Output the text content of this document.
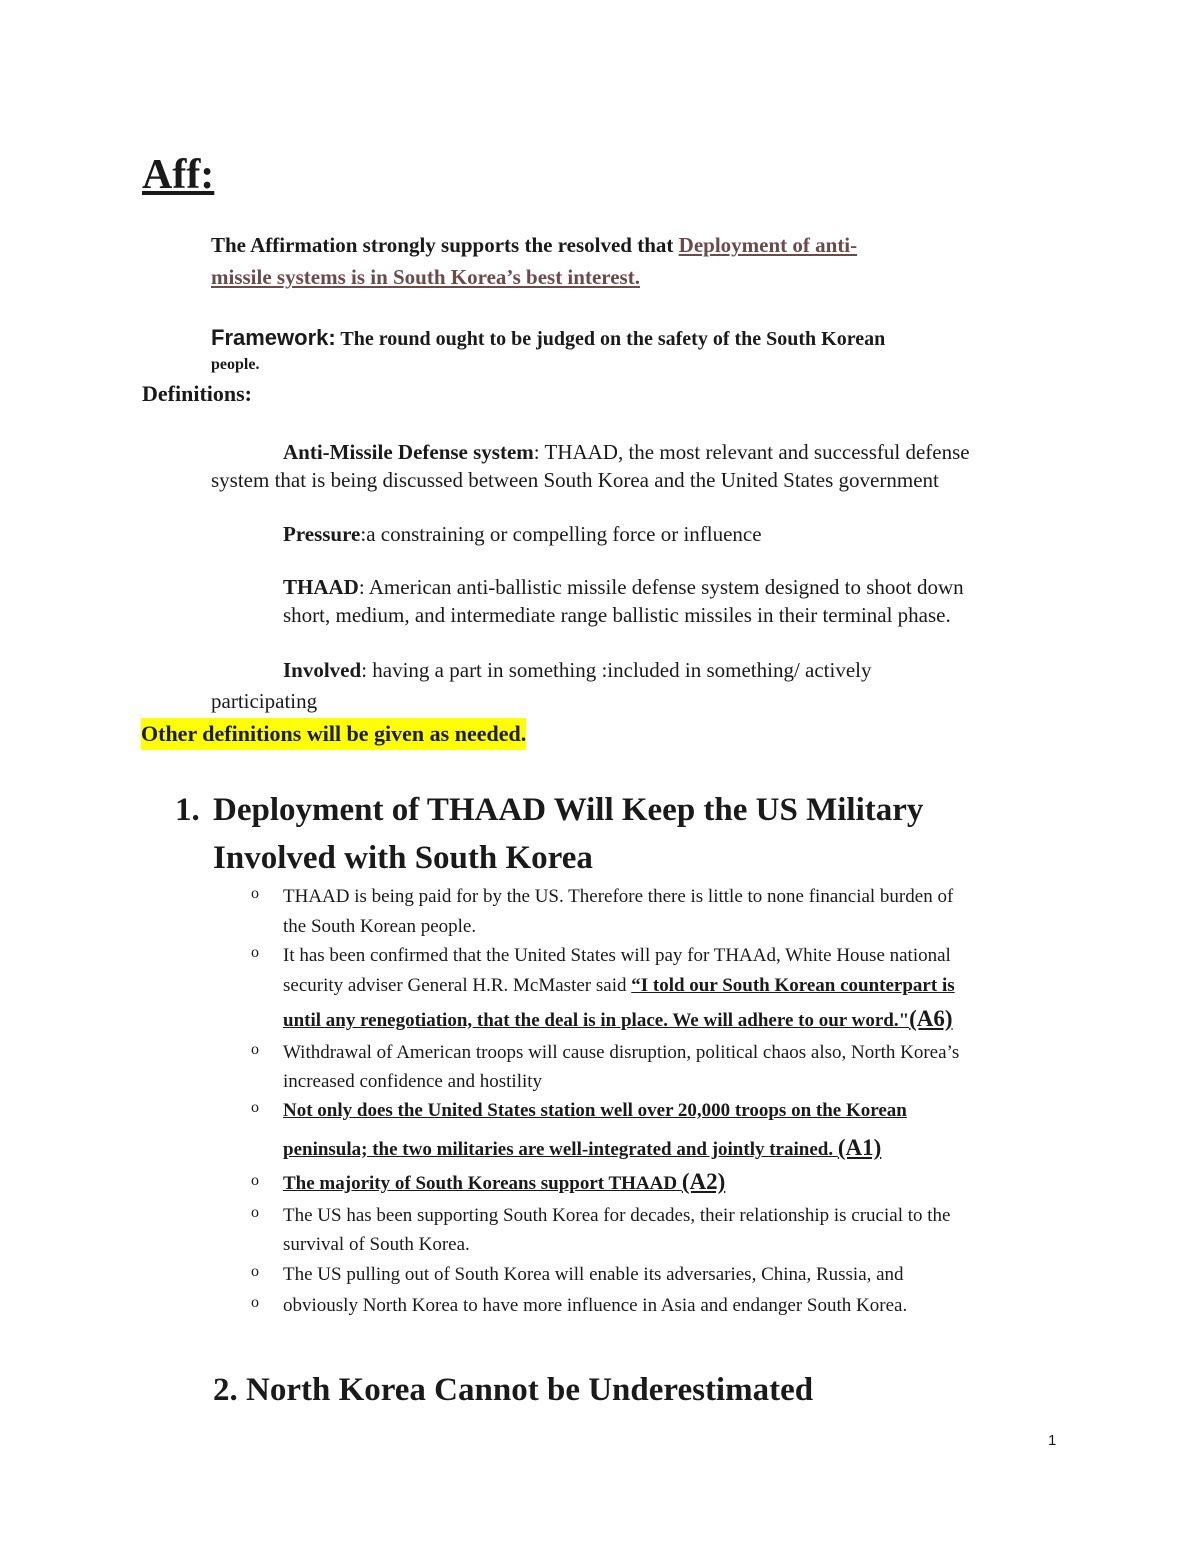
Aff:
The Affirmation strongly supports the resolved that Deployment of anti-
missile systems is in South Korea’s best interest.
Framework: The round ought to be judged on the safety of the South Korean
people.
Definitions:
Anti-Missile Defense system: THAAD, the most relevant and successful defense
system that is being discussed between South Korea and the United States government
Pressure:a constraining or compelling force or influence
THAAD: American anti-ballistic missile defense system designed to shoot down
short, medium, and intermediate range ballistic missiles in their terminal phase.
Involved: having a part in something :included in something/ actively
participating
Other definitions will be given as needed.
1. Deployment of THAAD Will Keep the US Military
Involved with South Korea
o THAAD is being paid for by the US. Therefore there is little to none financial burden of
the South Korean people.
o It has been confirmed that the United States will pay for THAAd, White House national
security adviser General H.R. McMaster said “I told our South Korean counterpart is
until any renegotiation, that the deal is in place. We will adhere to our word."(A6)
o Withdrawal of American troops will cause disruption, political chaos also, North Korea’s
increased confidence and hostility
o Not only does the United States station well over 20,000 troops on the Korean
peninsula; the two militaries are well-integrated and jointly trained. (A1)
o The majority of South Koreans support THAAD (A2)
o The US has been supporting South Korea for decades, their relationship is crucial to the
survival of South Korea.
o The US pulling out of South Korea will enable its adversaries, China, Russia, and
o obviously North Korea to have more influence in Asia and endanger South Korea.
2. North Korea Cannot be Underestimated
1
